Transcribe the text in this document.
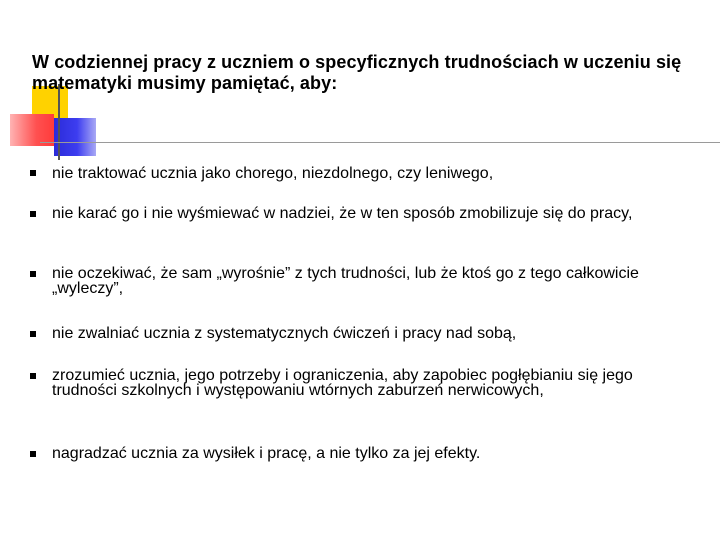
W codziennej pracy z uczniem o specyficznych trudnościach w uczeniu się matematyki musimy pamiętać, aby:
nie traktować ucznia jako chorego, niezdolnego, czy leniwego,
nie karać go i nie wyśmiewać w nadziei, że w ten sposób zmobilizuje się do pracy,
nie oczekiwać, że sam „wyrośnie” z tych trudności, lub że ktoś go z tego całkowicie „wyleczy”,
nie zwalniać ucznia z systematycznych ćwiczeń i pracy nad sobą,
zrozumieć ucznia, jego potrzeby i ograniczenia, aby zapobiec pogłębianiu się jego trudności szkolnych i występowaniu wtórnych zaburzeń nerwicowych,
nagradzać ucznia za wysiłek i pracę, a nie tylko za jej efekty.
